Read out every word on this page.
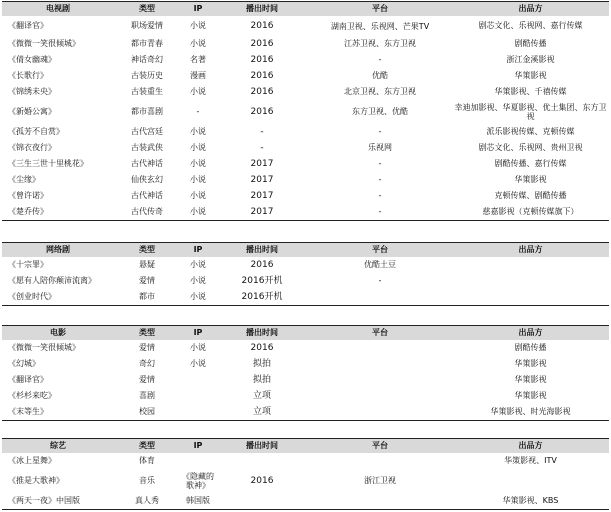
电视剧	类型	IP	播出时间	平台	出品方
《翻译官》	职场爱情	小说	2016	湖南卫视、乐视网、芒果TV	剧芯文化、乐视网、嘉行传媒
《微微一笑很倾城》	都市青春	小说	2016	江苏卫视、东方卫视	剧酷传播
《倩女幽魂》	神话奇幻	名著	2016	-	浙江金溪影视
《长歌行》	古装历史	漫画	2016	优酷	华策影视
《锦绣未央》	古装重生	小说	2016	北京卫视、东方卫视	华策影视、千禧传媒
《新婚公寓》	都市喜剧	-	2016	东方卫视、优酷	幸迪加影视、华夏影视、优土集团、东方卫视
《孤芳不自赏》	古代宫廷	小说	-	-	派乐影视传媒、克顿传媒
《锦衣夜行》	古装武侠	小说	-	乐视网	剧芯文化、乐视网、贵州卫视
《三生三世十里桃花》	古代神话	小说	2017	-	剧酷传播、嘉行传媒
《尘缘》	仙侠玄幻	小说	2017	-	华策影视
《曾许诺》	古代神话	小说	2017	-	克顿传媒、剧酷传播
《楚乔传》	古代传奇	小说	2017	-	慈嘉影视（克顿传媒旗下）
网络剧	类型	IP	播出时间	平台	出品方
《十宗罪》	悬疑	小说	2016	优酷土豆	
《愿有人陪你颠沛流离》	爱情	小说	2016开机	-	
《创业时代》	都市	小说	2016开机		
电影	类型	IP	播出时间	平台	出品方
《微微一笑很倾城》	爱情	小说	2016		剧酷传播
《幻城》	奇幻	小说	拟拍		华策影视
《翻译官》	爱情		拟拍		华策影视
《杉杉来吃》	喜剧		立项		华策影视
《末等生》	校园		立项		华策影视、时光海影视
综艺	类型	IP	播出时间	平台	出品方
《冰上星舞》	体育				华策影视、ITV
《推是大歌神》	音乐	《隐藏的歌神》	2016	浙江卫视	
《两天一夜》中国版	真人秀	韩国版			华策影视、KBS
